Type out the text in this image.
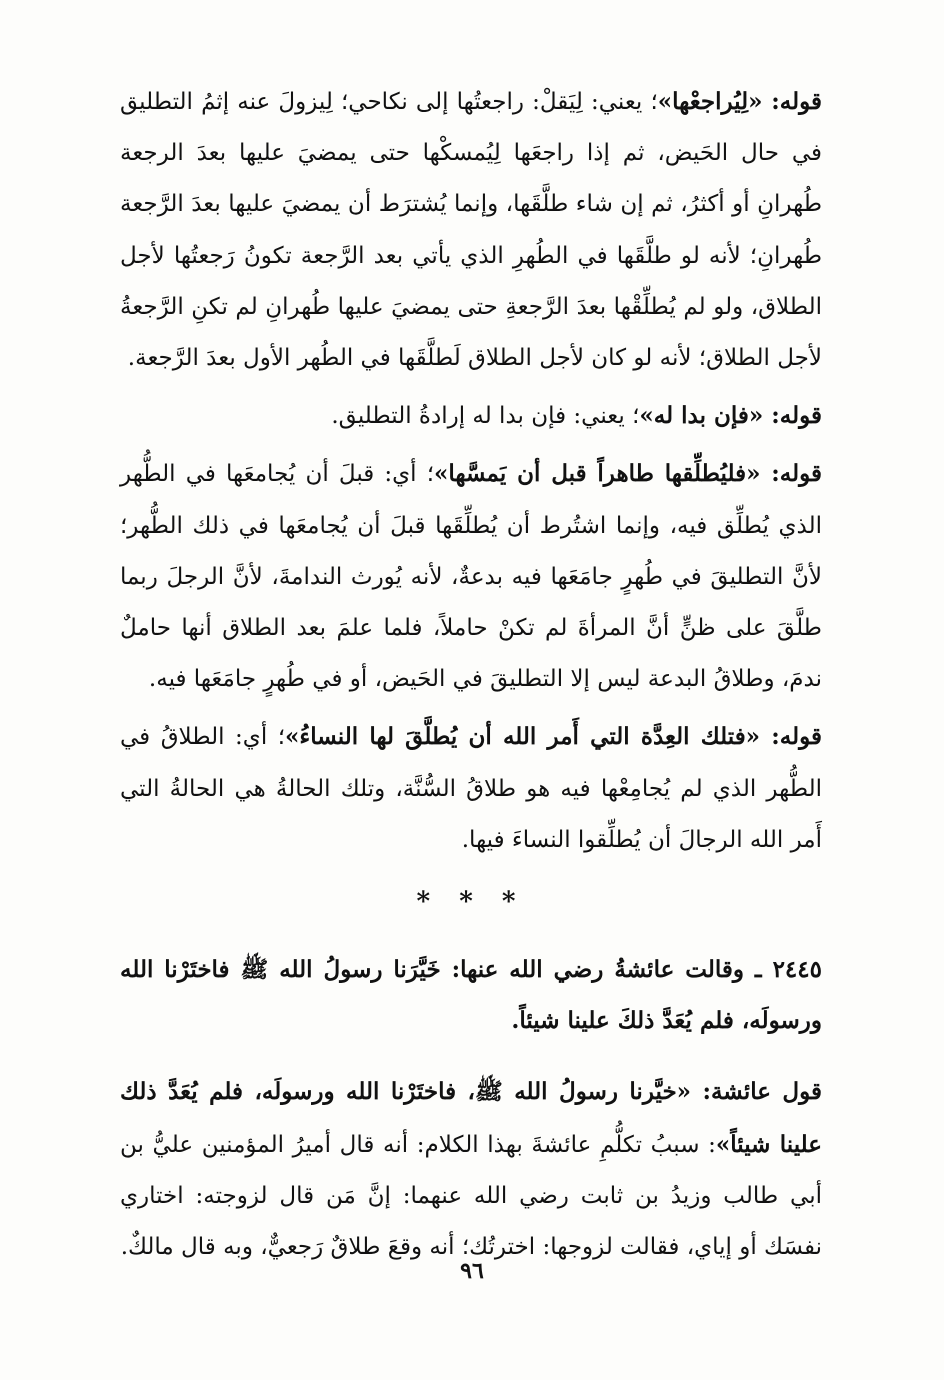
قوله: «لِيُراجعْها»؛ يعني: لِيَقلْ: راجعتُها إلى نكاحي؛ لِيزولَ عنه إثمُ التطليق في حال الحَيض، ثم إذا راجعَها لِيُمسكْها حتى يمضيَ عليها بعدَ الرجعة طُهرانِ أو أكثرُ، ثم إن شاء طلَّقَها، وإنما يُشترَط أن يمضيَ عليها بعدَ الرَّجعة طُهرانِ؛ لأنه لو طلَّقَها في الطُهرِ الذي يأتي بعد الرَّجعة تكونُ رَجعتُها لأجل الطلاق، ولو لم يُطلِّقْها بعدَ الرَّجعةِ حتى يمضيَ عليها طُهرانِ لم تكنِ الرَّجعةُ لأجل الطلاق؛ لأنه لو كان لأجل الطلاق لَطلَّقَها في الطُهر الأول بعدَ الرَّجعة.

قوله: «فإن بدا له»؛ يعني: فإن بدا له إرادةُ التطليق.

قوله: «فليُطلِّقها طاهراً قبل أن يَمسَّها»؛ أي: قبلَ أن يُجامعَها في الطُّهر الذي يُطلِّق فيه، وإنما اشتُرط أن يُطلِّقَها قبلَ أن يُجامعَها في ذلك الطُّهر؛ لأنَّ التطليقَ في طُهرٍ جامَعَها فيه بدعةٌ، لأنه يُورث الندامةَ، لأنَّ الرجلَ ربما طلَّقَ على ظنٍّ أنَّ المرأةَ لم تكنْ حاملاً، فلما علمَ بعد الطلاق أنها حاملٌ ندمَ، وطلاقُ البدعة ليس إلا التطليقَ في الحَيض، أو في طُهرٍ جامَعَها فيه.

قوله: «فتلك العِدَّة التي أَمر الله أن يُطلَّقَ لها النساءُ»؛ أي: الطلاقُ في الطُّهر الذي لم يُجامِعْها فيه هو طلاقُ السُّنَّة، وتلك الحالةُ هي الحالةُ التي أَمر الله الرجالَ أن يُطلِّقوا النساءَ فيها.

* * *

٢٤٤٥ ـ وقالت عائشةُ رضي الله عنها: خَيَّرَنا رسولُ الله ﷺ فاختَرْنا الله ورسولَه، فلم يُعَدَّ ذلكَ علينا شيئاً.

قول عائشة: «خيَّرنا رسولُ الله ﷺ، فاختَرْنا الله ورسولَه، فلم يُعَدَّ ذلك علينا شيئاً»: سببُ تكلُّمِ عائشةَ بهذا الكلام: أنه قال أميرُ المؤمنين عليُّ بن أبي طالب وزيدُ بن ثابت رضي الله عنهما: إنَّ مَن قال لزوجته: اختاري نفسَك أو إياي، فقالت لزوجها: اخترتُك؛ أنه وقعَ طلاقٌ رَجعيٌّ، وبه قال مالكٌ.

٩٦
